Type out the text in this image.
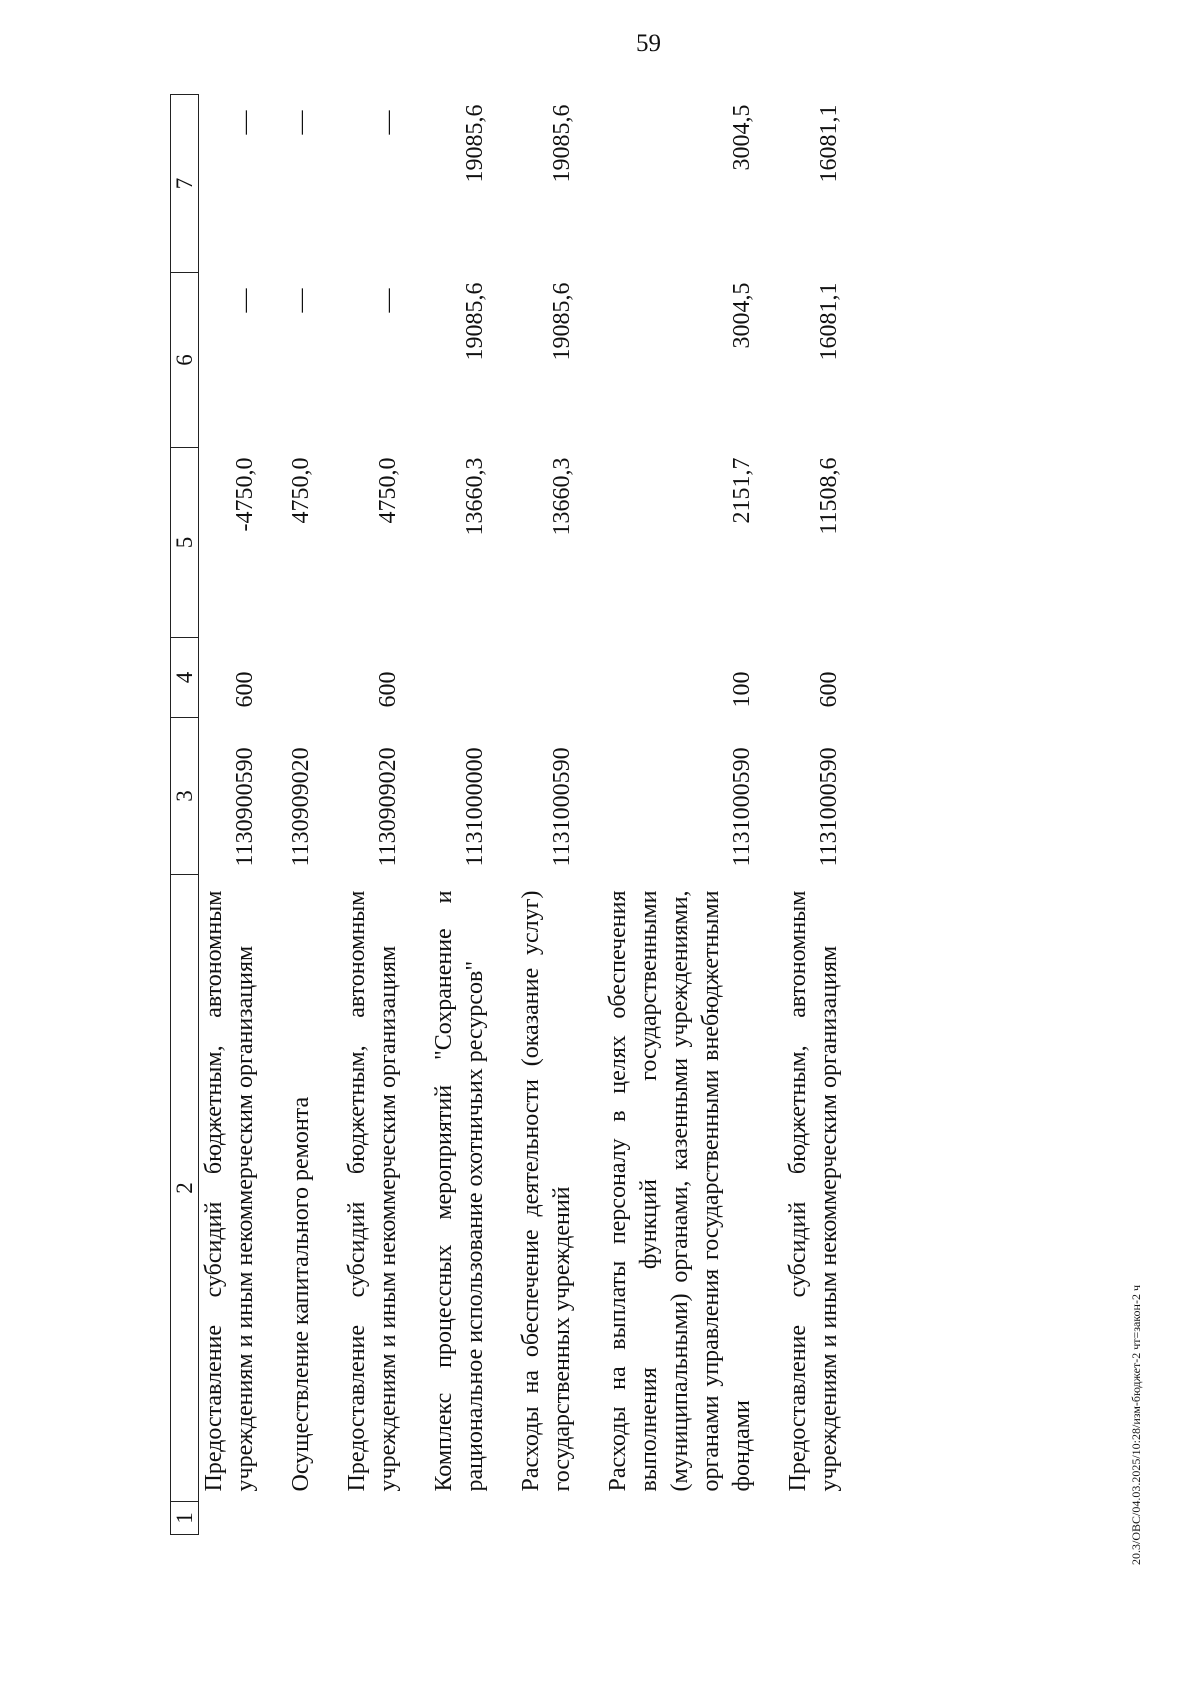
59
20.3/ОВС/04.03.2025/10:28/изм-бюджет-2 чт=закон-2 ч
1	2	3	4	5	6	7
	Предоставление субсидий бюджетным, автономным учреждениям и иным некоммерческим организациям	1130900590	600	-4750,0	—	—
	Осуществление капитального ремонта	1130909020		4750,0	—	—
	Предоставление субсидий бюджетным, автономным учреждениям и иным некоммерческим организациям	1130909020	600	4750,0	—	—
	Комплекс процессных мероприятий "Сохранение и рациональное использование охотничьих ресурсов"	1131000000		13660,3	19085,6	19085,6
	Расходы на обеспечение деятельности (оказание услуг) государственных учреждений	1131000590		13660,3	19085,6	19085,6
	Расходы на выплаты персоналу в целях обеспечения выполнения функций государственными (муниципальными) органами, казенными учреждениями, органами управления государственными внебюджетными фондами	1131000590	100	2151,7	3004,5	3004,5
	Предоставление субсидий бюджетным, автономным учреждениям и иным некоммерческим организациям	1131000590	600	11508,6	16081,1	16081,1
